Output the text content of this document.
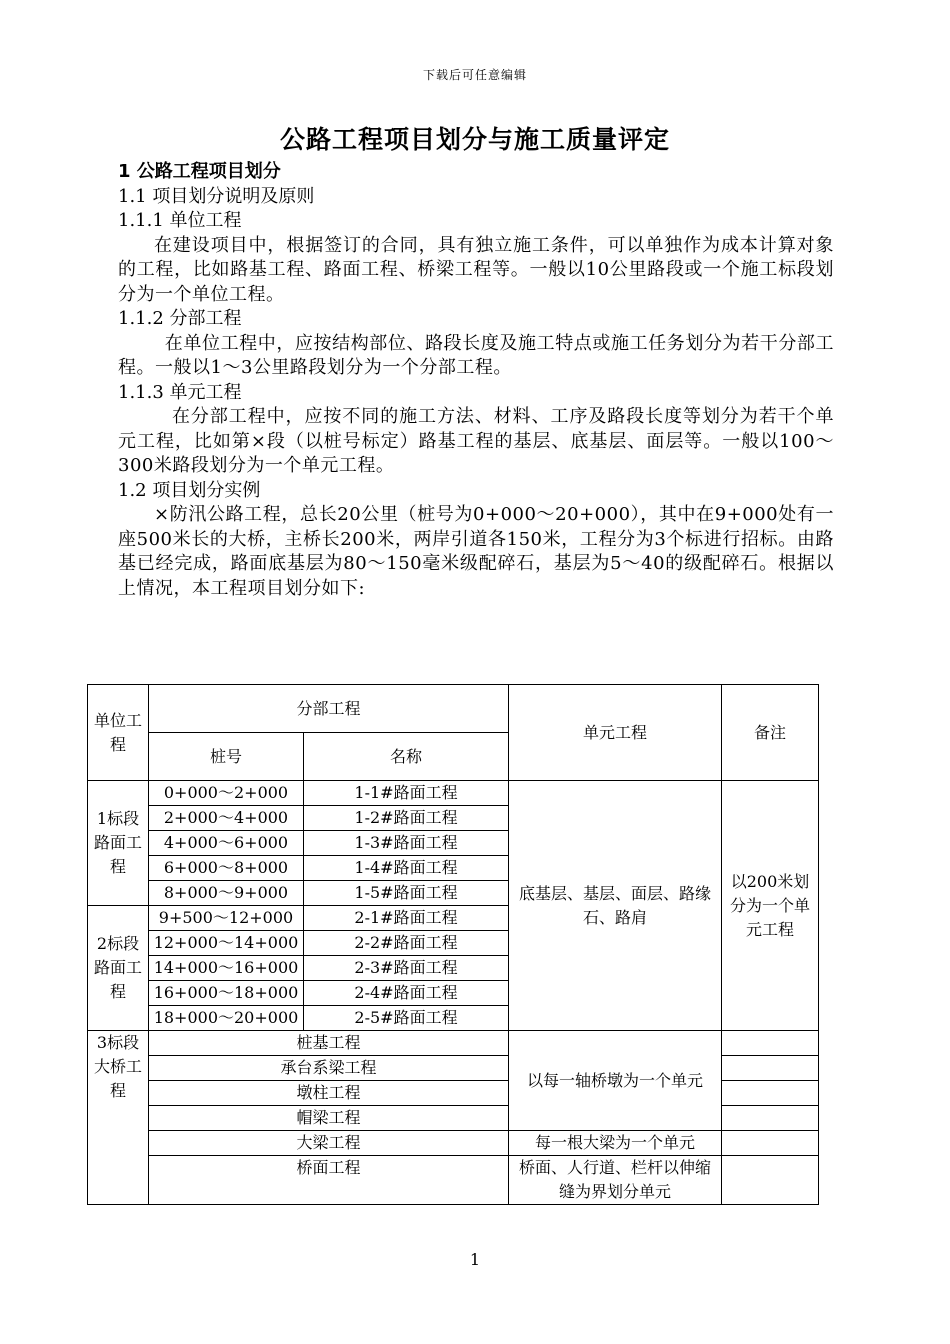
下载后可任意编辑
公路工程项目划分与施工质量评定

1 公路工程项目划分

1.1 项目划分说明及原则

1.1.1 单位工程

在建设项目中，根据签订的合同，具有独立施工条件，可以单独作为成本计算对象的工程，比如路基工程、路面工程、桥梁工程等。一般以10公里路段或一个施工标段划分为一个单位工程。

1.1.2 分部工程

在单位工程中，应按结构部位、路段长度及施工特点或施工任务划分为若干分部工程。一般以1～3公里路段划分为一个分部工程。

1.1.3 单元工程

在分部工程中，应按不同的施工方法、材料、工序及路段长度等划分为若干个单元工程，比如第×段（以桩号标定）路基工程的基层、底基层、面层等。一般以100～300米路段划分为一个单元工程。

1.2 项目划分实例

×防汛公路工程，总长20公里（桩号为0+000～20+000），其中在9+000处有一座500米长的大桥，主桥长200米，两岸引道各150米，工程分为3个标进行招标。由路基已经完成，路面底基层为80～150毫米级配碎石，基层为5～40的级配碎石。根据以上情况，本工程项目划分如下:

单位工程	分部工程		单元工程	备注
	桩号	名称		
1标段路面工程	0+000～2+000	1-1#路面工程	底基层、基层、面层、路缘石、路肩	以200米划分为一个单元工程
	2+000～4+000	1-2#路面工程		
	4+000～6+000	1-3#路面工程		
	6+000～8+000	1-4#路面工程		
	8+000～9+000	1-5#路面工程		
2标段路面工程	9+500～12+000	2-1#路面工程		
	12+000～14+000	2-2#路面工程		
	14+000～16+000	2-3#路面工程		
	16+000～18+000	2-4#路面工程		
	18+000～20+000	2-5#路面工程		
3标段大桥工程	桩基工程		以每一轴桥墩为一个单元	
	承台系梁工程			
	墩柱工程			
	帽梁工程			
	大梁工程		每一根大梁为一个单元	
	桥面工程		桥面、人行道、栏杆以伸缩缝为界划分单元	
1
